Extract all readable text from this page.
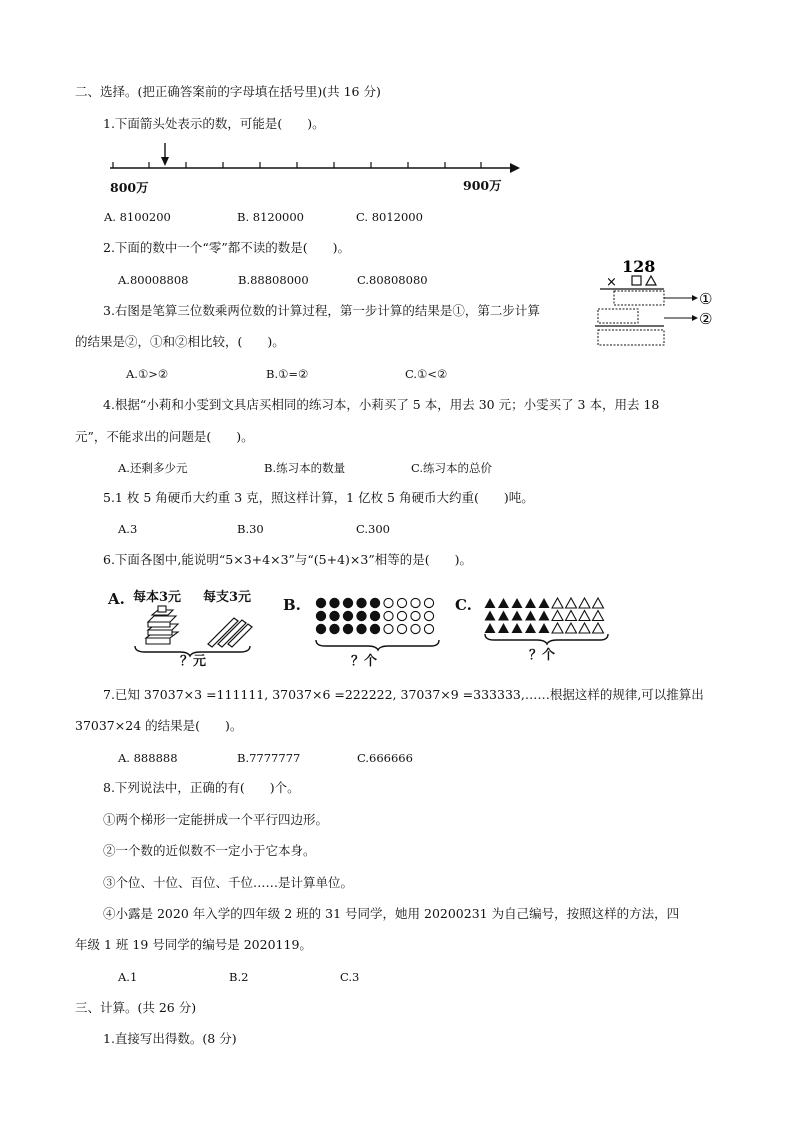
二、选择。(把正确答案前的字母填在括号里)(共 16 分)
1.下面箭头处表示的数，可能是(　　)。
800万	900万
A. 8100200	B. 8120000	C. 8012000
2.下面的数中一个“零”都不读的数是(　　)。
A.80008808	B.88808000	C.80808080
3.右图是笔算三位数乘两位数的计算过程，第一步计算的结果是①，第二步计算
的结果是②，①和②相比较，(　　)。
A.①>②	B.①=②	C.①<②
128
×
①
②
4.根据“小莉和小雯到文具店买相同的练习本，小莉买了 5 本，用去 30 元；小雯买了 3 本，用去 18
元”，不能求出的问题是(　　)。
A.还剩多少元	B.练习本的数量	C.练习本的总价
5.1 枚 5 角硬币大约重 3 克，照这样计算，1 亿枚 5 角硬币大约重(　　)吨。
A.3	B.30	C.300
6.下面各图中,能说明“5×3+4×3”与“(5+4)×3”相等的是(　　)。
A. 每本3元 每支3元
？元
B.
？个
C.
？个
7.已知 37037×3 =111111, 37037×6 =222222, 37037×9 =333333,……根据这样的规律,可以推算出
37037×24 的结果是(　　)。
A. 888888	B.7777777	C.666666
8.下列说法中，正确的有(　　)个。
①两个梯形一定能拼成一个平行四边形。
②一个数的近似数不一定小于它本身。
③个位、十位、百位、千位……是计算单位。
④小露是 2020 年入学的四年级 2 班的 31 号同学，她用 20200231 为自己编号，按照这样的方法，四
年级 1 班 19 号同学的编号是 2020119。
A.1	B.2	C.3
三、计算。(共 26 分)
1.直接写出得数。(8 分)
